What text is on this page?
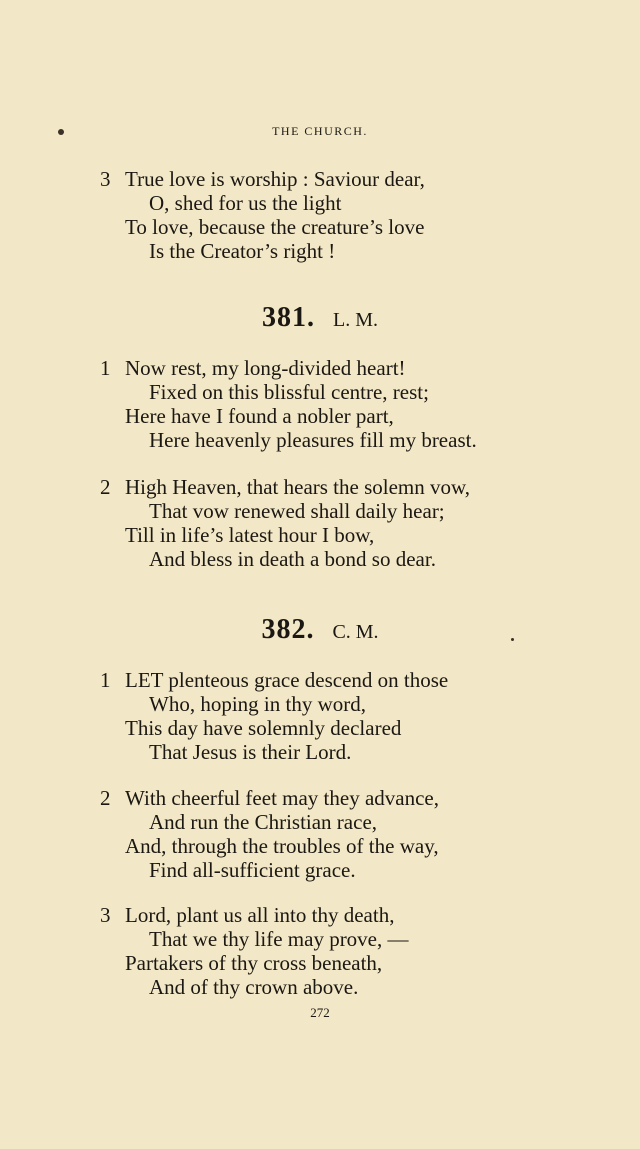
THE CHURCH.
3 True love is worship : Saviour dear,
O, shed for us the light
To love, because the creature’s love
Is the Creator’s right !
381. L. M.
1 Now rest, my long-divided heart!
Fixed on this blissful centre, rest;
Here have I found a nobler part,
Here heavenly pleasures fill my breast.
2 High Heaven, that hears the solemn vow,
That vow renewed shall daily hear;
Till in life’s latest hour I bow,
And bless in death a bond so dear.
382. C. M.
1 LET plenteous grace descend on those
Who, hoping in thy word,
This day have solemnly declared
That Jesus is their Lord.
2 With cheerful feet may they advance,
And run the Christian race,
And, through the troubles of the way,
Find all-sufficient grace.
3 Lord, plant us all into thy death,
That we thy life may prove, —
Partakers of thy cross beneath,
And of thy crown above.
272
